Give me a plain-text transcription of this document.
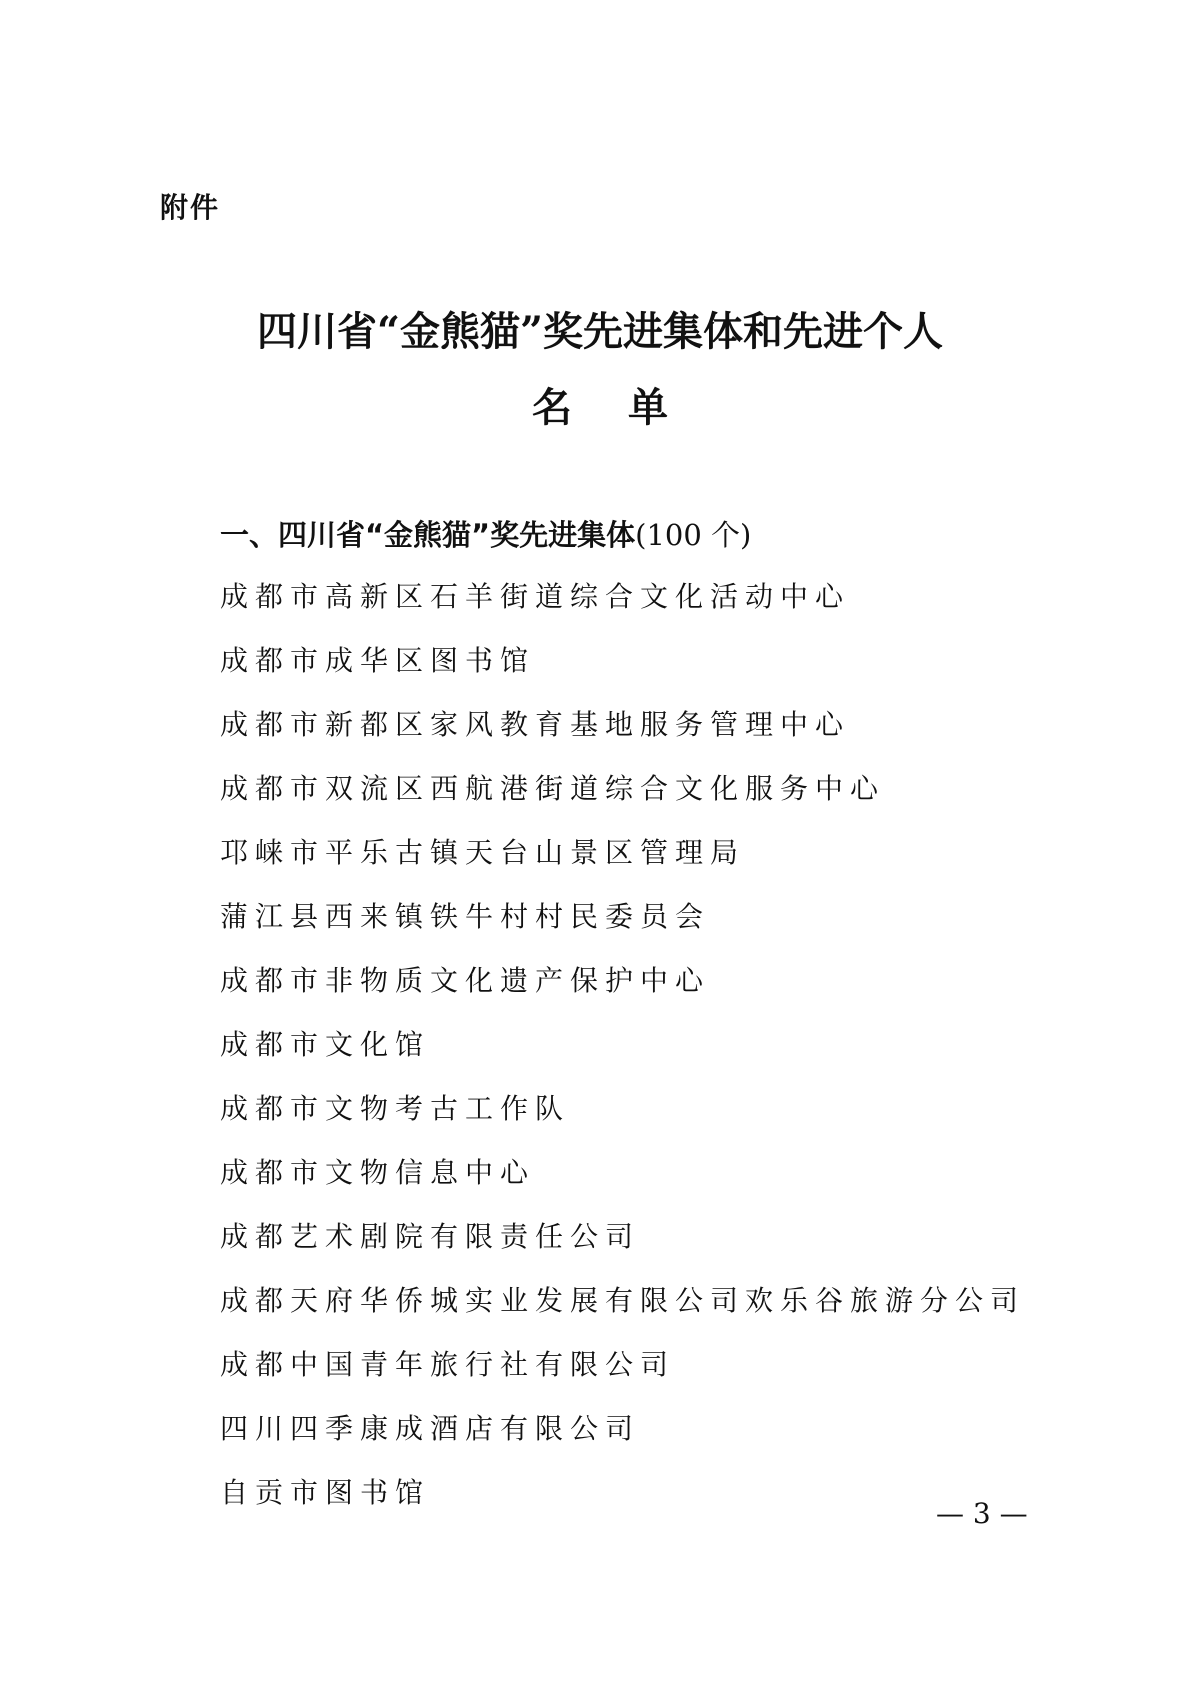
附件
四川省“金熊猫”奖先进集体和先进个人
名单
一、四川省“金熊猫”奖先进集体(100 个)
成都市高新区石羊街道综合文化活动中心
成都市成华区图书馆
成都市新都区家风教育基地服务管理中心
成都市双流区西航港街道综合文化服务中心
邛崃市平乐古镇天台山景区管理局
蒲江县西来镇铁牛村村民委员会
成都市非物质文化遗产保护中心
成都市文化馆
成都市文物考古工作队
成都市文物信息中心
成都艺术剧院有限责任公司
成都天府华侨城实业发展有限公司欢乐谷旅游分公司
成都中国青年旅行社有限公司
四川四季康成酒店有限公司
自贡市图书馆
— 3 —
